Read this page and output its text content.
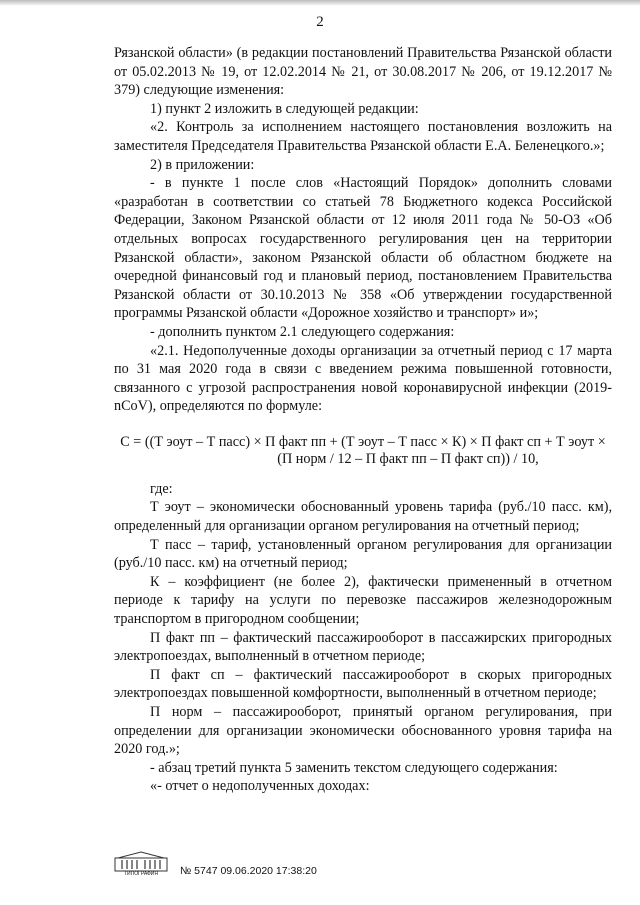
2

Рязанской области» (в редакции постановлений Правительства Рязанской области от 05.02.2013 № 19, от 12.02.2014 № 21, от 30.08.2017 № 206, от 19.12.2017 № 379) следующие изменения:

1) пункт 2 изложить в следующей редакции:

«2. Контроль за исполнением настоящего постановления возложить на заместителя Председателя Правительства Рязанской области Е.А. Беленецкого.»;

2) в приложении:

- в пункте 1 после слов «Настоящий Порядок» дополнить словами «разработан в соответствии со статьей 78 Бюджетного кодекса Российской Федерации, Законом Рязанской области от 12 июля 2011 года № 50-ОЗ «Об отдельных вопросах государственного регулирования цен на территории Рязанской области», законом Рязанской области об областном бюджете на очередной финансовый год и плановый период, постановлением Правительства Рязанской области от 30.10.2013 № 358 «Об утверждении государственной программы Рязанской области «Дорожное хозяйство и транспорт» и»;

- дополнить пунктом 2.1 следующего содержания:

«2.1. Недополученные доходы организации за отчетный период с 17 марта по 31 мая 2020 года в связи с введением режима повышенной готовности, связанного с угрозой распространения новой коронавирусной инфекции (2019-nCoV), определяются по формуле:

С = ((Т эоут – Т пасс) × П факт пп + (Т эоут – Т пасс × К) × П факт сп + Т эоут ×
(П норм / 12 – П факт пп – П факт сп)) / 10,

где:

Т эоут – экономически обоснованный уровень тарифа (руб./10 пасс. км), определенный для организации органом регулирования на отчетный период;

Т пасс – тариф, установленный органом регулирования для организации (руб./10 пасс. км) на отчетный период;

К – коэффициент (не более 2), фактически примененный в отчетном периоде к тарифу на услуги по перевозке пассажиров железнодорожным транспортом в пригородном сообщении;

П факт пп – фактический пассажирооборот в пассажирских пригородных электропоездах, выполненный в отчетном периоде;

П факт сп – фактический пассажирооборот в скорых пригородных электропоездах повышенной комфортности, выполненный в отчетном периоде;

П норм – пассажирооборот, принятый органом регулирования, при определении для организации экономически обоснованного уровня тарифа на 2020 год.»;

- абзац третий пункта 5 заменить текстом следующего содержания:

«- отчет о недополученных доходах:

ТИПОГРАФИЯ	№ 5747 09.06.2020 17:38:20
